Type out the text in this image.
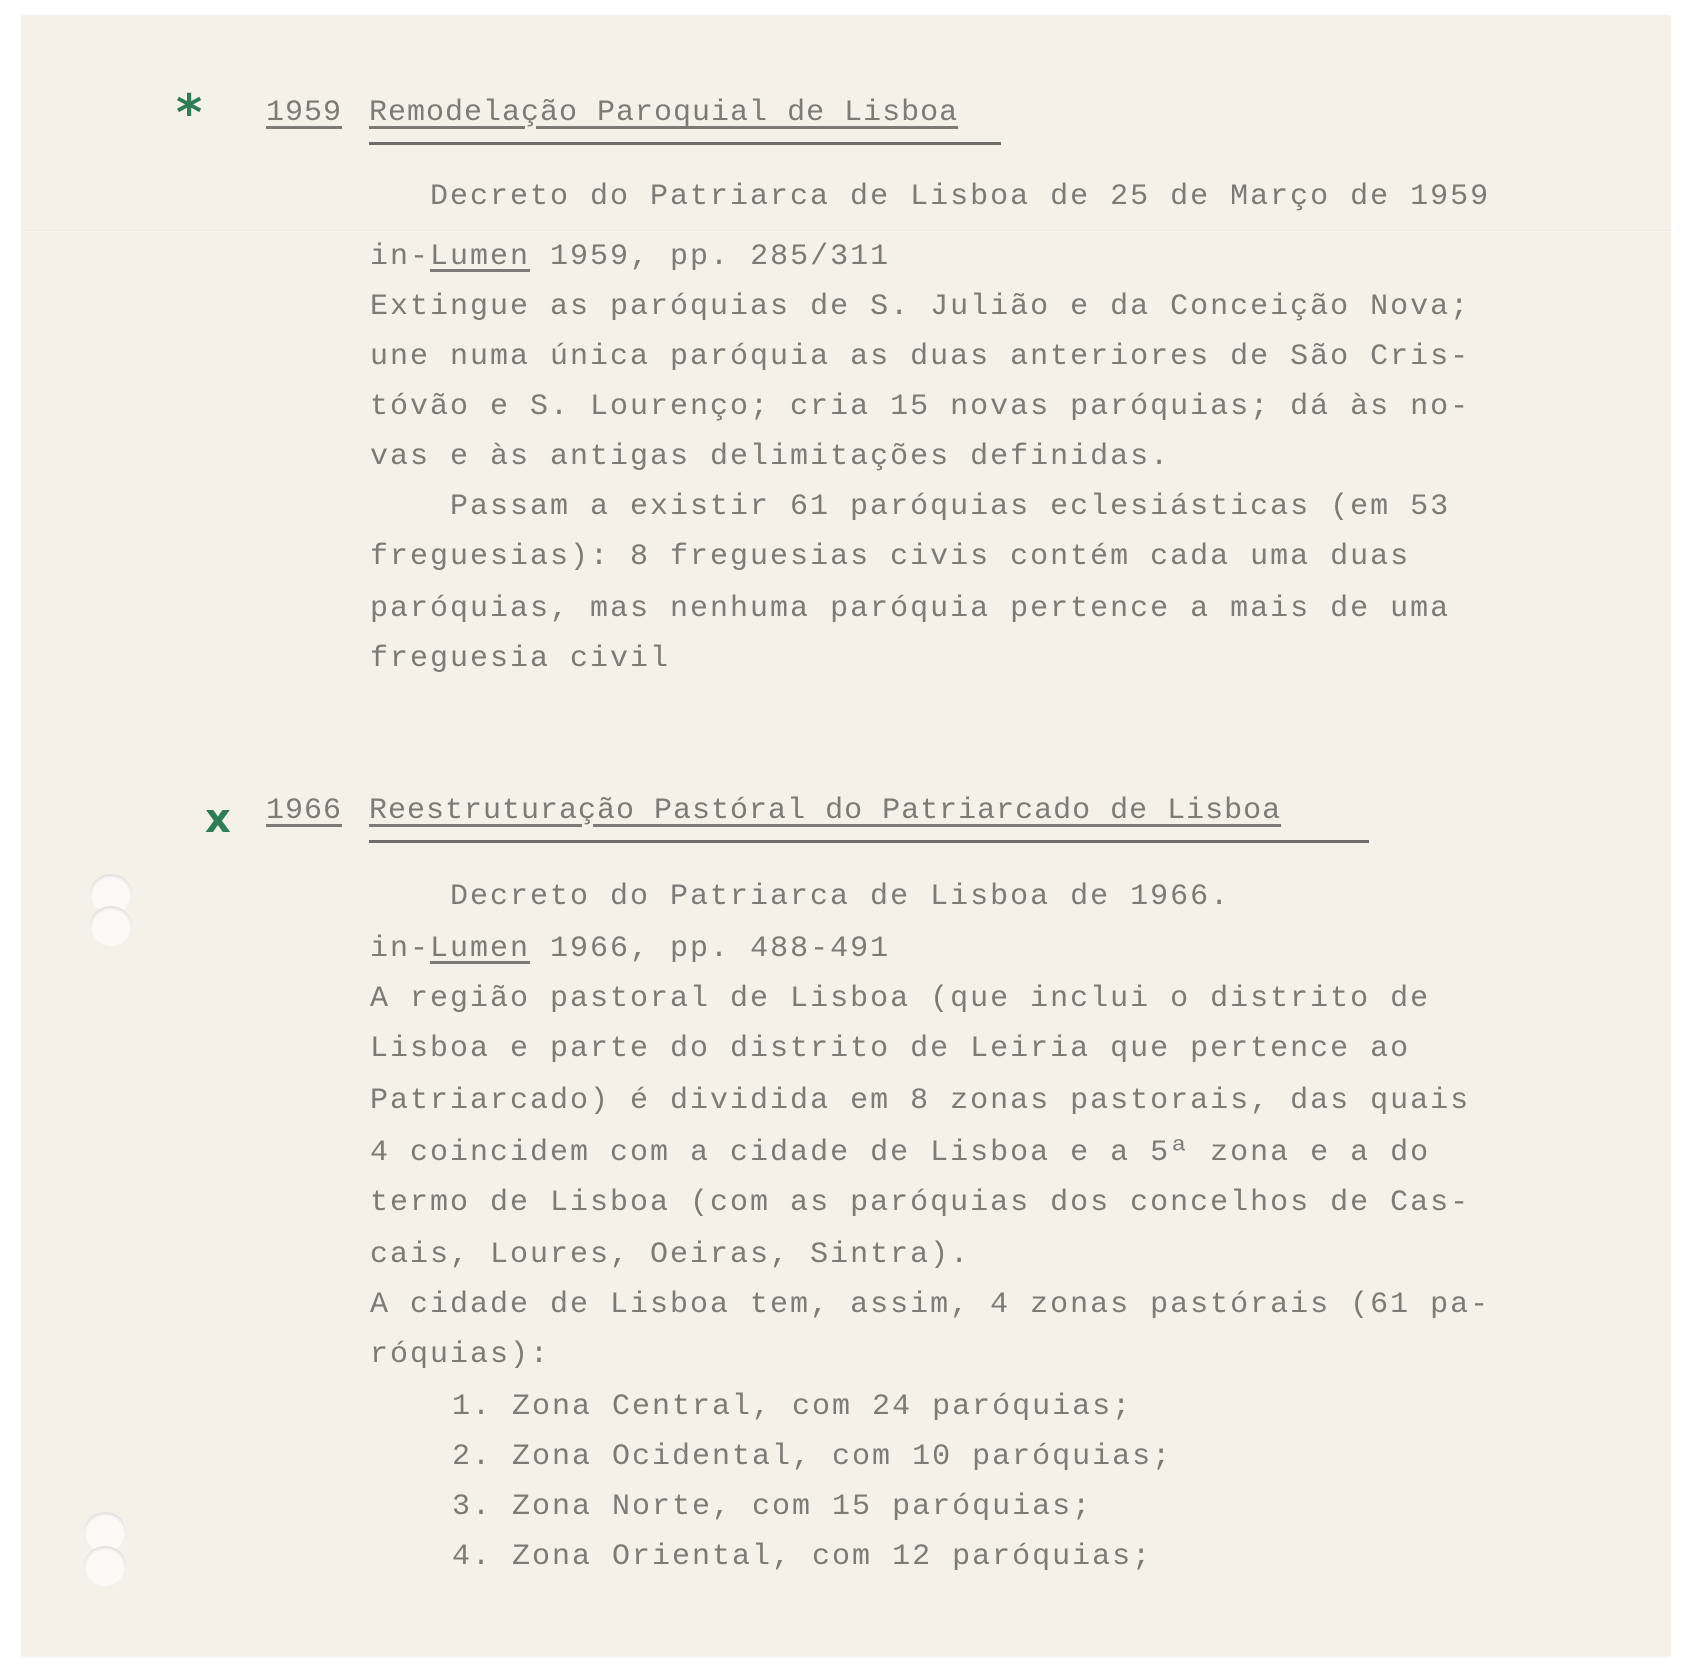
* 1959 Remodelação Paroquial de Lisboa
Decreto do Patriarca de Lisboa de 25 de Março de 1959
in-Lumen 1959, pp. 285/311
Extingue as paróquias de S. Julião e da Conceição Nova;
une numa única paróquia as duas anteriores de São Cris-
tóvão e S. Lourenço; cria 15 novas paróquias; dá às no-
vas e às antigas delimitações definidas.
Passam a existir 61 paróquias eclesiásticas (em 53
freguesias): 8 freguesias civis contém cada uma duas
paróquias, mas nenhuma paróquia pertence a mais de uma
freguesia civil
x 1966 Reestruturação Pastóral do Patriarcado de Lisboa
Decreto do Patriarca de Lisboa de 1966.
in-Lumen 1966, pp. 488-491
A região pastoral de Lisboa (que inclui o distrito de
Lisboa e parte do distrito de Leiria que pertence ao
Patriarcado) é dividida em 8 zonas pastorais, das quais
4 coincidem com a cidade de Lisboa e a 5ª zona e a do
termo de Lisboa (com as paróquias dos concelhos de Cas-
cais, Loures, Oeiras, Sintra).
A cidade de Lisboa tem, assim, 4 zonas pastórais (61 pa-
róquias):
1. Zona Central, com 24 paróquias;
2. Zona Ocidental, com 10 paróquias;
3. Zona Norte, com 15 paróquias;
4. Zona Oriental, com 12 paróquias;
